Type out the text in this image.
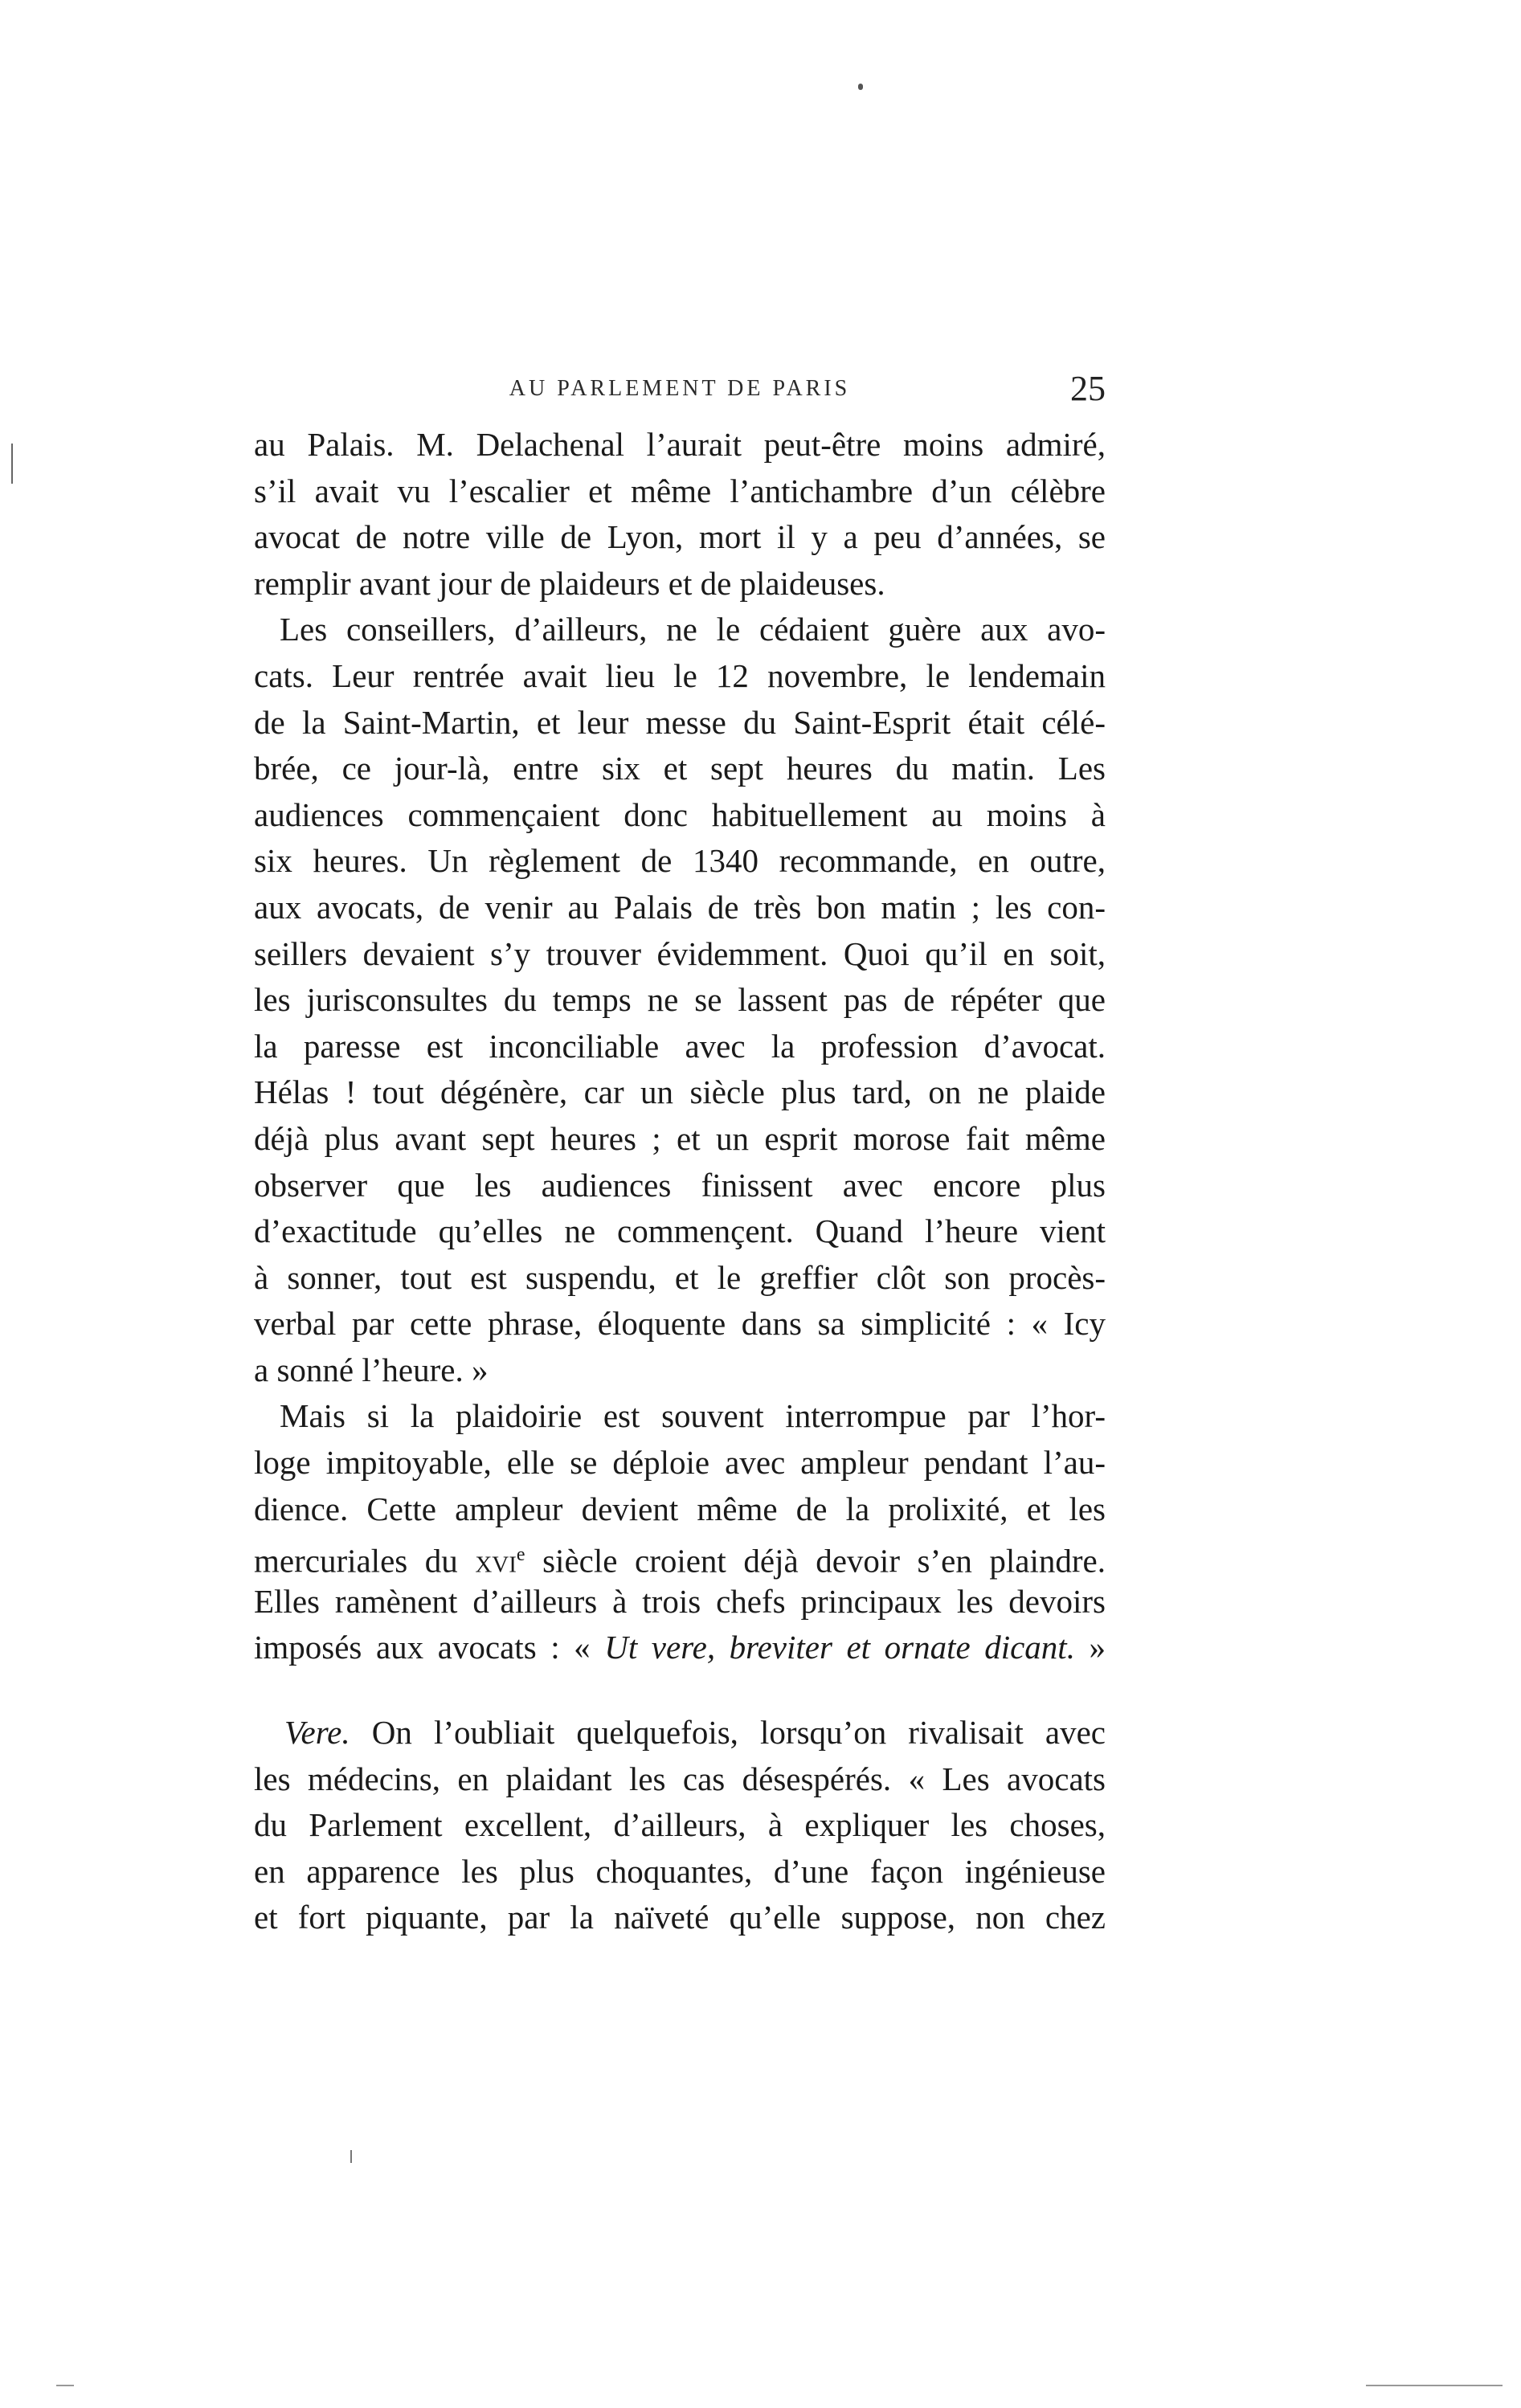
AU PARLEMENT DE PARIS	25
au Palais. M. Delachenal l’aurait peut-être moins admiré,
s’il avait vu l’escalier et même l’antichambre d’un célèbre
avocat de notre ville de Lyon, mort il y a peu d’années, se
remplir avant jour de plaideurs et de plaideuses.
Les conseillers, d’ailleurs, ne le cédaient guère aux avo-
cats. Leur rentrée avait lieu le 12 novembre, le lendemain
de la Saint-Martin, et leur messe du Saint-Esprit était célé-
brée, ce jour-là, entre six et sept heures du matin. Les
audiences commençaient donc habituellement au moins à
six heures. Un règlement de 1340 recommande, en outre,
aux avocats, de venir au Palais de très bon matin ; les con-
seillers devaient s’y trouver évidemment. Quoi qu’il en soit,
les jurisconsultes du temps ne se lassent pas de répéter que
la paresse est inconciliable avec la profession d’avocat.
Hélas ! tout dégénère, car un siècle plus tard, on ne plaide
déjà plus avant sept heures ; et un esprit morose fait même
observer que les audiences finissent avec encore plus
d’exactitude qu’elles ne commençent. Quand l’heure vient
à sonner, tout est suspendu, et le greffier clôt son procès-
verbal par cette phrase, éloquente dans sa simplicité : « Icy
a sonné l’heure. »
Mais si la plaidoirie est souvent interrompue par l’hor-
loge impitoyable, elle se déploie avec ampleur pendant l’au-
dience. Cette ampleur devient même de la prolixité, et les
mercuriales du xvi$^e$ siècle croient déjà devoir s’en plaindre.
Elles ramènent d’ailleurs à trois chefs principaux les devoirs
imposés aux avocats : « Ut vere, breviter et ornate dicant. »
Vere. On l’oubliait quelquefois, lorsqu’on rivalisait avec
les médecins, en plaidant les cas désespérés. « Les avocats
du Parlement excellent, d’ailleurs, à expliquer les choses,
en apparence les plus choquantes, d’une façon ingénieuse
et fort piquante, par la naïveté qu’elle suppose, non chez
